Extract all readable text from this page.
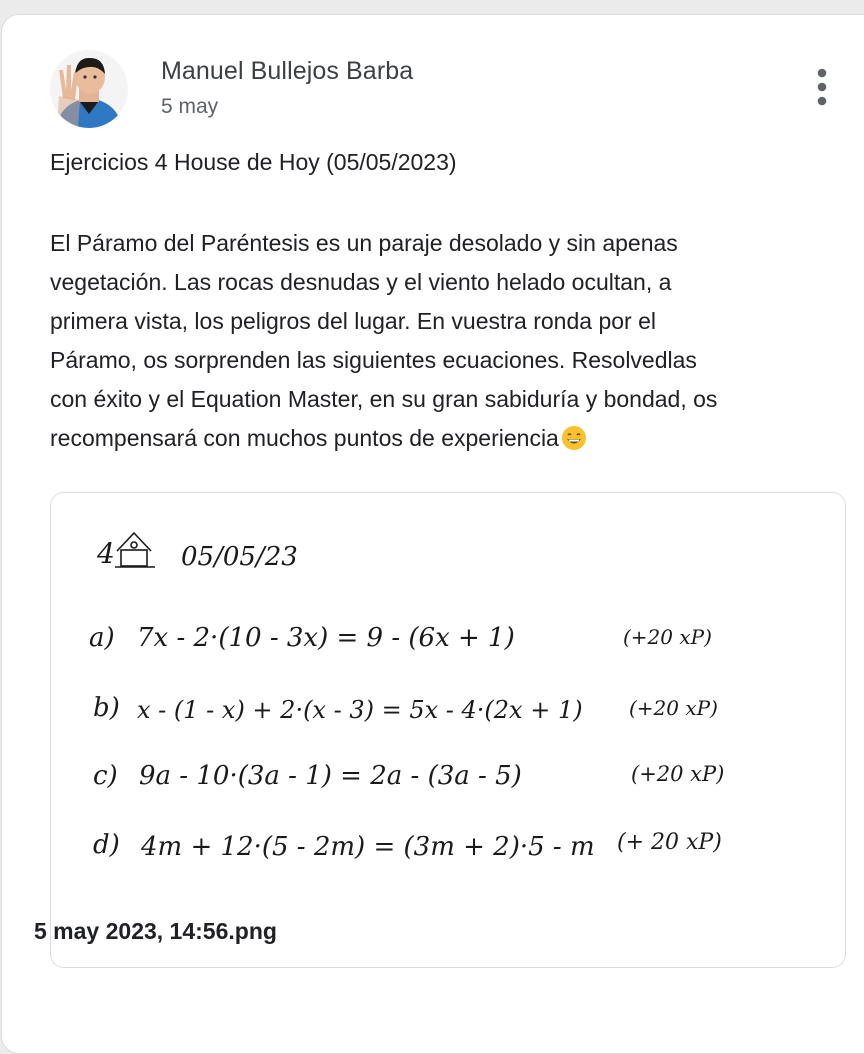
Manuel Bullejos Barba
5 may
Ejercicios 4 House de Hoy (05/05/2023)
El Páramo del Paréntesis es un paraje desolado y sin apenas
vegetación. Las rocas desnudas y el viento helado ocultan, a
primera vista, los peligros del lugar. En vuestra ronda por el
Páramo, os sorprenden las siguientes ecuaciones. Resolvedlas
con éxito y el Equation Master, en su gran sabiduría y bondad, os
recompensará con muchos puntos de experiencia
4	05/05/23
a) 7x - 2·(10 - 3x) = 9 - (6x + 1)	(+20 xP)
b) x - (1 - x) + 2·(x - 3) = 5x - 4·(2x + 1) (+20 xP)
c) 9a - 10·(3a - 1) = 2a - (3a - 5)	(+20 xP)
d) 4m + 12·(5 - 2m) = (3m + 2)·5 - m (+ 20 xP)
5 may 2023, 14:56.png
